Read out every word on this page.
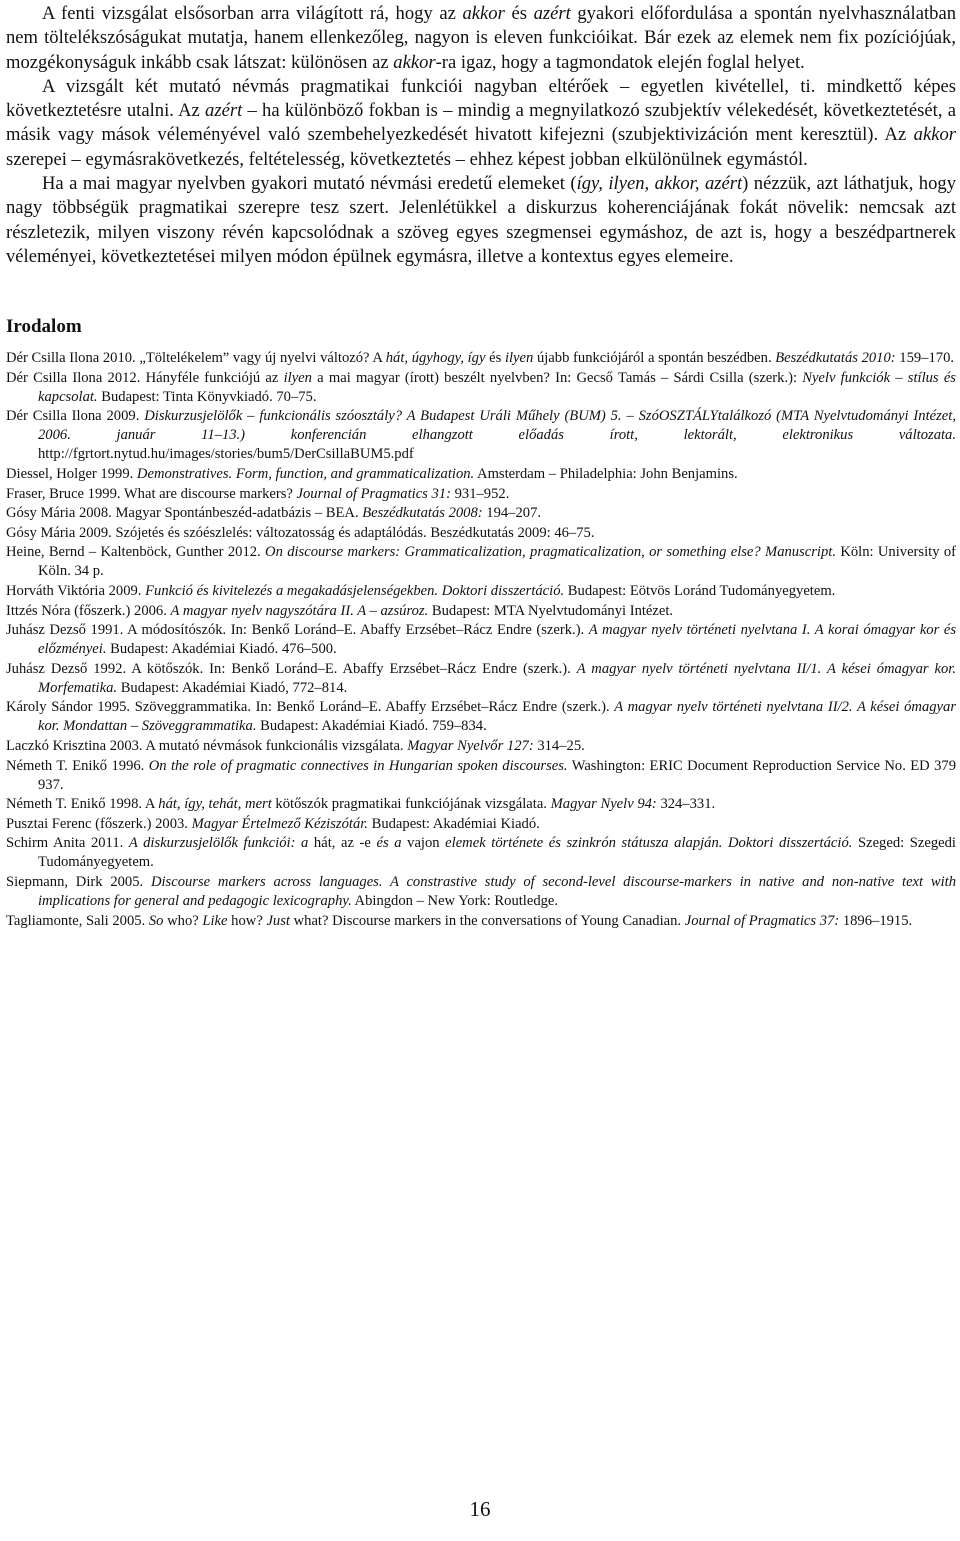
A fenti vizsgálat elsősorban arra világított rá, hogy az akkor és azért gyakori előfordulása a spontán nyelvhasználatban nem töltelékszóságukat mutatja, hanem ellenkezőleg, nagyon is eleven funkcióikat. Bár ezek az elemek nem fix pozíciójúak, mozgékonyságuk inkább csak látszat: különösen az akkor-ra igaz, hogy a tagmondatok elején foglal helyet.

A vizsgált két mutató névmás pragmatikai funkciói nagyban eltérőek – egyetlen kivétellel, ti. mindkettő képes következtetésre utalni. Az azért – ha különböző fokban is – mindig a megnyilatkozó szubjektív vélekedését, következtetését, a másik vagy mások véleményével való szembehelyezkedését hivatott kifejezni (szubjektivizáción ment keresztül). Az akkor szerepei – egymásrakövetkezés, feltételesség, következtetés – ehhez képest jobban elkülönülnek egymástól.

Ha a mai magyar nyelvben gyakori mutató névmási eredetű elemeket (így, ilyen, akkor, azért) nézzük, azt láthatjuk, hogy nagy többségük pragmatikai szerepre tesz szert. Jelenlétükkel a diskurzus koherenciájának fokát növelik: nemcsak azt részletezik, milyen viszony révén kapcsolódnak a szöveg egyes szegmensei egymáshoz, de azt is, hogy a beszédpartnerek véleményei, következtetései milyen módon épülnek egymásra, illetve a kontextus egyes elemeire.

Irodalom
Dér Csilla Ilona 2010. „Töltelékelem” vagy új nyelvi változó? A hát, úgyhogy, így és ilyen újabb funkciójáról a spontán beszédben. Beszédkutatás 2010: 159–170.
Dér Csilla Ilona 2012. Hányféle funkciójú az ilyen a mai magyar (írott) beszélt nyelvben? In: Gecső Tamás – Sárdi Csilla (szerk.): Nyelv funkciók – stílus és kapcsolat. Budapest: Tinta Könyvkiadó. 70–75.
Dér Csilla Ilona 2009. Diskurzusjelölők – funkcionális szóosztály? A Budapest Uráli Műhely (BUM) 5. – SzóOSZTÁLYtalálkozó (MTA Nyelvtudományi Intézet, 2006. január 11–13.) konferencián elhangzott előadás írott, lektorált, elektronikus változata. http://fgrtort.nytud.hu/images/stories/bum5/DerCsillaBUM5.pdf
Diessel, Holger 1999. Demonstratives. Form, function, and grammaticalization. Amsterdam – Philadelphia: John Benjamins.
Fraser, Bruce 1999. What are discourse markers? Journal of Pragmatics 31: 931–952.
Gósy Mária 2008. Magyar Spontánbeszéd-adatbázis – BEA. Beszédkutatás 2008: 194–207.
Gósy Mária 2009. Szójetés és szóészlelés: változatosság és adaptálódás. Beszédkutatás 2009: 46–75.
Heine, Bernd – Kaltenböck, Gunther 2012. On discourse markers: Grammaticalization, pragmaticalization, or something else? Manuscript. Köln: University of Köln. 34 p.
Horváth Viktória 2009. Funkció és kivitelezés a megakadásjelenségekben. Doktori disszertáció. Budapest: Eötvös Loránd Tudományegyetem.
Ittzés Nóra (főszerk.) 2006. A magyar nyelv nagyszótára II. A – azsúroz. Budapest: MTA Nyelvtudományi Intézet.
Juhász Dezső 1991. A módosítószók. In: Benkő Loránd–E. Abaffy Erzsébet–Rácz Endre (szerk.). A magyar nyelv történeti nyelvtana I. A korai ómagyar kor és előzményei. Budapest: Akadémiai Kiadó. 476–500.
Juhász Dezső 1992. A kötőszók. In: Benkő Loránd–E. Abaffy Erzsébet–Rácz Endre (szerk.). A magyar nyelv történeti nyelvtana II/1. A kései ómagyar kor. Morfematika. Budapest: Akadémiai Kiadó, 772–814.
Károly Sándor 1995. Szöveggrammatika. In: Benkő Loránd–E. Abaffy Erzsébet–Rácz Endre (szerk.). A magyar nyelv történeti nyelvtana II/2. A kései ómagyar kor. Mondattan – Szöveggrammatika. Budapest: Akadémiai Kiadó. 759–834.
Laczkó Krisztina 2003. A mutató névmások funkcionális vizsgálata. Magyar Nyelvőr 127: 314–25.
Németh T. Enikő 1996. On the role of pragmatic connectives in Hungarian spoken discourses. Washington: ERIC Document Reproduction Service No. ED 379 937.
Németh T. Enikő 1998. A hát, így, tehát, mert kötőszók pragmatikai funkciójának vizsgálata. Magyar Nyelv 94: 324–331.
Pusztai Ferenc (főszerk.) 2003. Magyar Értelmező Kéziszótár. Budapest: Akadémiai Kiadó.
Schirm Anita 2011. A diskurzusjelölők funkciói: a hát, az -e és a vajon elemek története és szinkrón státusza alapján. Doktori disszertáció. Szeged: Szegedi Tudományegyetem.
Siepmann, Dirk 2005. Discourse markers across languages. A constrastive study of second-level discourse-markers in native and non-native text with implications for general and pedagogic lexicography. Abingdon – New York: Routledge.
Tagliamonte, Sali 2005. So who? Like how? Just what? Discourse markers in the conversations of Young Canadian. Journal of Pragmatics 37: 1896–1915.
16
